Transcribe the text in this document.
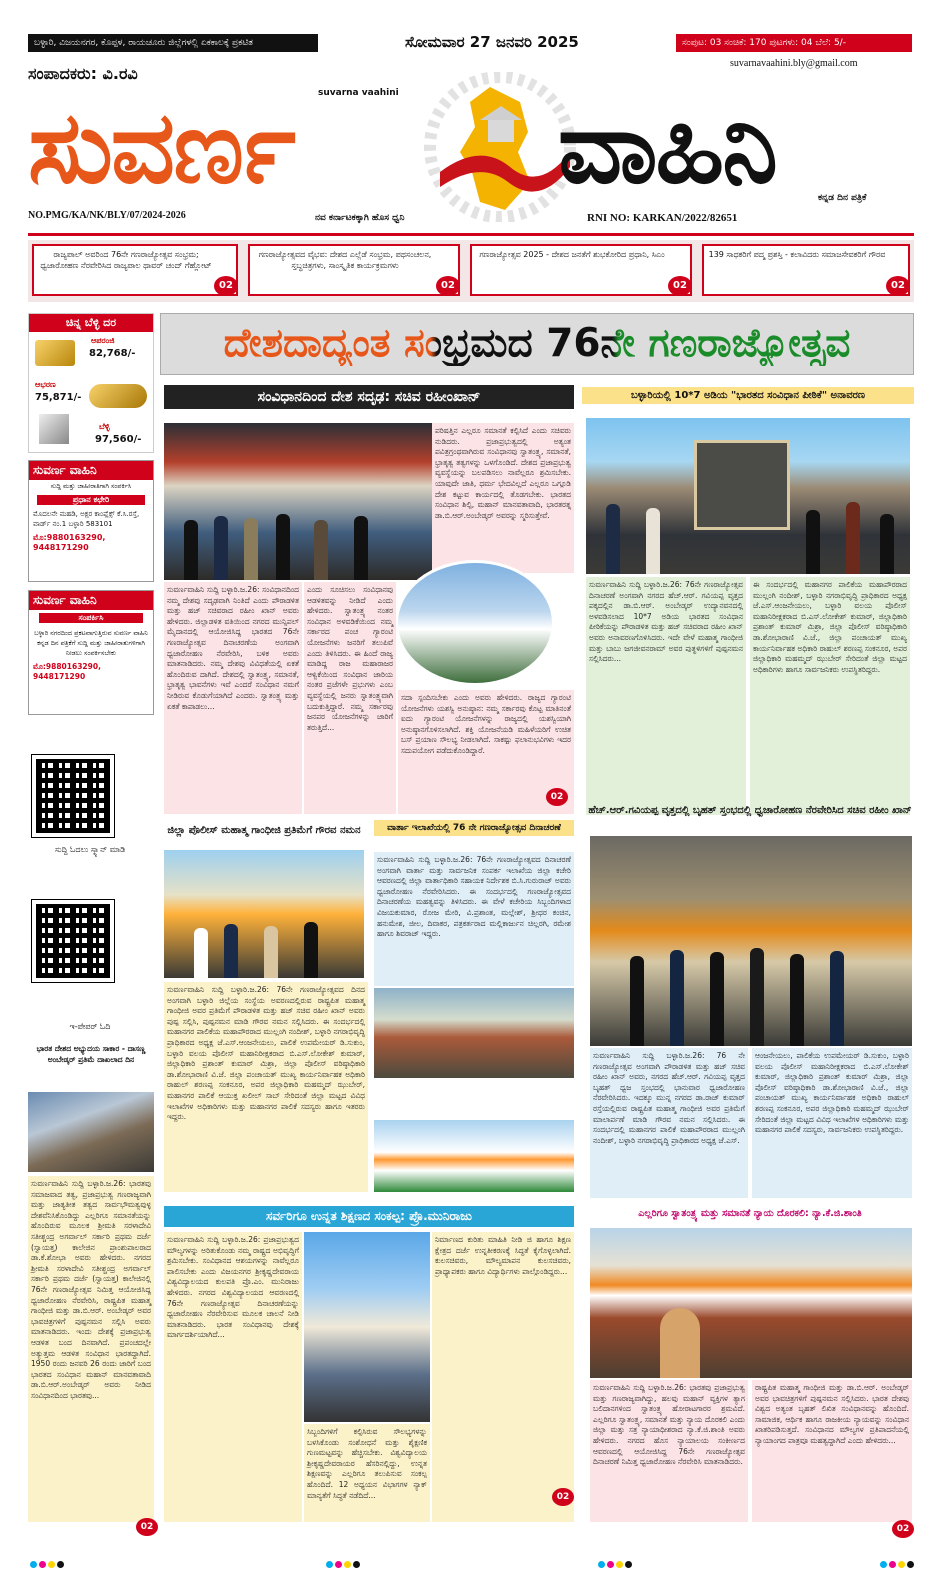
ಬಳ್ಳಾರಿ, ವಿಜಯನಗರ, ಕೊಪ್ಪಳ, ರಾಯಚೂರು ಜಿಲ್ಲೆಗಳಲ್ಲಿ ಏಕಕಾಲಕ್ಕೆ ಪ್ರಕಟಿತ	ಸೋಮವಾರ 27 ಜನವರಿ 2025	ಸಂಪುಟ: 03 ಸಂಚಿಕೆ: 170 ಪುಟಗಳು: 04 ಬೆಲೆ: 5/-
ಸಂಪಾದಕರು: ವಿ.ರವಿ
suvarnavaahini.bly@gmail.com
suvarna vaahini
ಸುವರ್ಣ	ವಾಹಿನಿ
NO.PMG/KA/NK/BLY/07/2024-2026	ನವ ಕರ್ನಾಟಕಕ್ಕಾಗಿ ಹೊಸ ಧ್ವನಿ	RNI NO: KARKAN/2022/82651
ಕನ್ನಡ ದಿನ ಪತ್ರಿಕೆ
ರಾಜ್ಯಪಾಲ್ ಅವರಿಂದ 76ನೇ ಗಣರಾಜ್ಯೋತ್ಸವ ಸಂಭ್ರಮ; ಧ್ವಜಾರೋಹಣ ನೆರವೇರಿಸಿದ ರಾಜ್ಯಪಾಲ ಥಾವರ್ ಚಂದ್ ಗೆಹ್ಲೋಟ್
02
ಗಣರಾಜ್ಯೋತ್ಸವದ ವೈಭವ: ದೇಶದ ಎಲ್ಲೆಡೆ ಸಂಭ್ರಮ, ಪಥಸಂಚಲನ, ಸ್ತಬ್ಧಚಿತ್ರಗಳು, ಸಾಂಸ್ಕೃತಿಕ ಕಾರ್ಯಕ್ರಮಗಳು
02
ಗಣರಾಜ್ಯೋತ್ಸವ 2025 - ದೇಶದ ಜನತೆಗೆ ಶುಭಕೋರಿದ ಪ್ರಧಾನಿ, ಸಿಎಂ
02
139 ಸಾಧಕರಿಗೆ ಪದ್ಮ ಪ್ರಶಸ್ತಿ - ಕಲಾವಿದರು ಸಮಾಜಸೇವಕರಿಗೆ ಗೌರವ
02
ಚಿನ್ನ ಬೆಳ್ಳಿ ದರ
ಆಪರಂಜಿ
82,768/-
ಆಭರಣ
75,871/-
ಬೆಳ್ಳಿ
97,560/-
ಸುವರ್ಣ ವಾಹಿನಿ
ಸುದ್ದಿ ಮತ್ತು ಜಾಹೀರಾತಿಗಾಗಿ ಸಂಪರ್ಕಿಸಿ
ಪ್ರಧಾನ ಕಛೇರಿ
ಮೊದಲನೇ ಮಹಡಿ, ಅಕ್ಷರ ಕಾಂಪ್ಲೆಕ್ಸ್ ಕೆ.ಸಿ.ರಸ್ತೆ, ವಾರ್ಡ್ ನಂ.1 ಬಳ್ಳಾರಿ 583101
ಮೊ:9880163290, 9448171290
ಸುವರ್ಣ ವಾಹಿನಿ
ಸಂಪರ್ಕಿಸಿ
ಬಳ್ಳಾರಿ ನಗರದಿಂದ ಪ್ರಕಟವಾಗುತ್ತಿರುವ ಸುವರ್ಣ ವಾಹಿನಿ ಕನ್ನಡ ದಿನ ಪತ್ರಿಕೆಗೆ ಸುದ್ದಿ ಮತ್ತು ಜಾಹೀರಾತುಗಳಿಗಾಗಿ ನೀಡಲು ಸಂಪರ್ಕಿಸಬೇಕು
ಮೊ:9880163290, 9448171290
ಸುದ್ದಿ ಓದಲು ಸ್ಕ್ಯಾನ್ ಮಾಡಿ
ಇ-ಪೇಪರ್ ಓದಿ
ಭಾರತ ದೇಶದ ಅಭ್ಯುದಯ ಸಾಕಾರ - ದಾಸಣ್ಣ ಅಂಬೇಡ್ಕರ್ ಪ್ರತಿಮೆ ದಾಖಲಾದ ದಿನ
ಸುವರ್ಣವಾಹಿನಿ ಸುದ್ದಿ ಬಳ್ಳಾರಿ.ಜ.26: ಭಾರತವು ಸಮಾಜವಾದ ತತ್ವ, ಪ್ರಜಾಪ್ರಭುತ್ವ ಗಣರಾಜ್ಯವಾಗಿ ಮತ್ತು ಜಾತ್ಯತೀತ ತತ್ವದ ಸಾರ್ವಭೌಮತ್ವವುಳ್ಳ ದೇಶವೆನಿಸಿಕೊಂಡಿದ್ದು ಎಲ್ಲರಿಗೂ ಸಮಾನತೆಯನ್ನು ಹೊಂದಿರುವ ಮೂಲಕ ಶ್ರೀಮತಿ ಸರಳಾದೇವಿ ಸತೀಶ್ಚಂದ್ರ ಅಗರ್ವಾಲ್ ಸರ್ಕಾರಿ ಪ್ರಥಮ ದರ್ಜೆ (ಸ್ವಾಯತ್ತ) ಕಾಲೇಜಿನ ಪ್ರಾಂಶುಪಾಲರಾದ ಡಾ.ಕೆ.ಶೋಭಾ ಅವರು ಹೇಳಿದರು. ನಗರದ ಶ್ರೀಮತಿ ಸರಳಾದೇವಿ ಸತೀಶ್ಚಂದ್ರ ಅಗರ್ವಾಲ್ ಸರ್ಕಾರಿ ಪ್ರಥಮ ದರ್ಜೆ (ಸ್ವಾಯತ್ತ) ಕಾಲೇಜಿನಲ್ಲಿ 76ನೇ ಗಣರಾಜ್ಯೋತ್ಸವ ನಿಮಿತ್ತ ಆಯೋಜಿಸಿದ್ದ ಧ್ವಜಾರೋಹಣ ನೆರವೇರಿಸಿ, ರಾಷ್ಟ್ರಪಿತ ಮಹಾತ್ಮ ಗಾಂಧೀಜಿ ಮತ್ತು ಡಾ.ಬಿ.ಆರ್. ಅಂಬೇಡ್ಕರ್ ಅವರ ಭಾವಚಿತ್ರಗಳಿಗೆ ಪುಷ್ಪನಮನ ಸಲ್ಲಿಸಿ ಅವರು ಮಾತನಾಡಿದರು. ಇಂದು ದೇಶಕ್ಕೆ ಪ್ರಜಾಪ್ರಭುತ್ವ ಆಡಳಿತ ಬಂದ ದಿನವಾಗಿದೆ. ಪ್ರಪಂಚದಲ್ಲೇ ಅತ್ಯುತ್ತಮ ಆಡಳಿತ ಸಂವಿಧಾನ ಭಾರತದ್ದಾಗಿದೆ. 1950 ರಂದು ಜನವರಿ 26 ರಂದು ಜಾರಿಗೆ ಬಂದ ಭಾರತದ ಸಂವಿಧಾನ ಮಹಾನ್ ಮಾನವತಾವಾದಿ ಡಾ.ಬಿ.ಆರ್.ಅಂಬೇಡ್ಕರ್ ಅವರು ನೀಡಿದ ಸಂವಿಧಾನದಿಂದ ಭಾರತವು...
02
ದೇಶದಾದ್ಯಂತ ಸಂಭ್ರಮದ 76ನೇ ಗಣರಾಜ್ಯೋತ್ಸವ
ಸಂವಿಧಾನದಿಂದ ದೇಶ ಸದೃಢ: ಸಚಿವ ರಹೀಂಖಾನ್
ಪರಿಷತ್ತಿನ ಎಲ್ಲರೂ ಸಮಾನತೆ ಕಲ್ಪಿಸಿದೆ ಎಂದು ಸಚಿವರು ನುಡಿದರು. ಪ್ರಜಾಪ್ರಭುತ್ವದಲ್ಲಿ ಅತ್ಯಂತ ಪವಿತ್ರಗ್ರಂಥವಾಗಿರುವ ಸಂವಿಧಾನವು ಸ್ವಾತಂತ್ರ್ಯ, ಸಮಾನತೆ, ಭ್ರಾತೃತ್ವ ತತ್ವಗಳನ್ನು ಒಳಗೊಂಡಿದೆ. ದೇಶದ ಪ್ರಜಾಪ್ರಭುತ್ವ ವ್ಯವಸ್ಥೆಯನ್ನು ಬಲಪಡಿಸಲು ನಾವೆಲ್ಲರೂ ಶ್ರಮಿಸಬೇಕು. ಯಾವುದೇ ಜಾತಿ, ಧರ್ಮ ಭೇದವಿಲ್ಲದೆ ಎಲ್ಲರೂ ಒಗ್ಗೂಡಿ ದೇಶ ಕಟ್ಟುವ ಕಾರ್ಯದಲ್ಲಿ ತೊಡಗಬೇಕು. ಭಾರತದ ಸಂವಿಧಾನ ಶಿಲ್ಪಿ, ಮಹಾನ್ ಮಾನವತಾವಾದಿ, ಭಾರತರತ್ನ ಡಾ.ಬಿ.ಆರ್.ಅಂಬೇಡ್ಕರ್ ಅವರನ್ನು ಸ್ಮರಿಸುತ್ತೇವೆ.
ಸುವರ್ಣವಾಹಿನಿ ಸುದ್ದಿ ಬಳ್ಳಾರಿ.ಜ.26: ಸಂವಿಧಾನದಿಂದ ನಮ್ಮ ದೇಶವು ಸದೃಢವಾಗಿ ನಿಂತಿದೆ ಎಂದು ಪೌರಾಡಳಿತ ಮತ್ತು ಹಜ್ ಸಚಿವರಾದ ರಹೀಂ ಖಾನ್ ಅವರು ಹೇಳಿದರು. ಜಿಲ್ಲಾಡಳಿತ ವತಿಯಿಂದ ನಗರದ ಮುನ್ಸಿಪಲ್ ಮೈದಾನದಲ್ಲಿ ಆಯೋಜಿಸಿದ್ದ ಭಾರತದ 76ನೇ ಗಣರಾಜ್ಯೋತ್ಸವ ದಿನಾಚರಣೆಯ ಅಂಗವಾಗಿ ಧ್ವಜಾರೋಹಣ ನೆರವೇರಿಸಿ, ಬಳಿಕ ಅವರು ಮಾತನಾಡಿದರು. ನಮ್ಮ ದೇಶವು ವಿವಿಧತೆಯಲ್ಲಿ ಏಕತೆ ಹೊಂದಿರುವ ದಾಗಿದೆ. ದೇಶದಲ್ಲಿ ಸ್ವಾತಂತ್ರ್ಯ, ಸಮಾನತೆ, ಭ್ರಾತೃತ್ವ ಭಾವನೆಗಳು ಇವೆ ಎಂದರೆ ಸಂವಿಧಾನ ನಮಗೆ ನೀಡಿರುವ ಕೊಡುಗೆಯಾಗಿದೆ ಎಂದರು. ಸ್ವಾತಂತ್ರ್ಯ ಮತ್ತು ಏಕತೆ ಕಾಪಾಡಲು...
ಎಂದು ಸೂಚಿಸಲು ಸಂವಿಧಾನವು ಆಡಳಿತವನ್ನು ನೀಡಿದೆ ಎಂದು ಹೇಳಿದರು. ಸ್ವಾತಂತ್ರ್ಯ ನಂತರ ಸಂವಿಧಾನ ಅಳವಡಿಕೆಯಿಂದ ನಮ್ಮ ಸರ್ಕಾರದ ಪಂಚ ಗ್ಯಾರಂಟಿ ಯೋಜನೆಗಳು ಜನರಿಗೆ ತಲುಪಿವೆ ಎಂದು ತಿಳಿಸಿದರು. ಈ ಹಿಂದೆ ರಾಜ್ಯ ಮಾಡಿದ್ದ ರಾಜ ಮಹಾರಾಜರ ಆಳ್ವಿಕೆಯಿಂದ ಸಂವಿಧಾನ ಜಾರಿಯ ನಂತರ ಪ್ರಜೆಗಳೇ ಪ್ರಭುಗಳು ಎಂಬ ವ್ಯವಸ್ಥೆಯಲ್ಲಿ ಜನರು ಸ್ವಾತಂತ್ರ್ಯವಾಗಿ ಬದುಕುತ್ತಿದ್ದಾರೆ. ನಮ್ಮ ಸರ್ಕಾರವು ಜನಪರ ಯೋಜನೆಗಳನ್ನು ಜಾರಿಗೆ ತರುತ್ತಿದೆ...
ಸದಾ ಸ್ಪಂದಿಸಬೇಕು ಎಂದು ಅವರು ಹೇಳಿದರು. ರಾಜ್ಯದ ಗ್ಯಾರಂಟಿ ಯೋಜನೆಗಳು ಯಶಸ್ವಿ ಅನುಷ್ಠಾನ: ನಮ್ಮ ಸರ್ಕಾರವು ಕೊಟ್ಟ ಮಾತಿನಂತೆ ಐದು ಗ್ಯಾರಂಟಿ ಯೋಜನೆಗಳನ್ನು ರಾಜ್ಯದಲ್ಲಿ ಯಶಸ್ವಿಯಾಗಿ ಅನುಷ್ಠಾನಗೊಳಿಸಲಾಗಿದೆ. ಶಕ್ತಿ ಯೋಜನೆಯಡಿ ಮಹಿಳೆಯರಿಗೆ ಉಚಿತ ಬಸ್ ಪ್ರಯಾಣ ಸೌಲಭ್ಯ ನೀಡಲಾಗಿದೆ. ಸಾಕಷ್ಟು ಫಲಾನುಭವಿಗಳು ಇದರ ಸದುಪಯೋಗ ಪಡೆದುಕೊಂಡಿದ್ದಾರೆ.
02
ಬಳ್ಳಾರಿಯಲ್ಲಿ 10*7 ಅಡಿಯ "ಭಾರತದ ಸಂವಿಧಾನ ಪೀಠಿಕೆ" ಅನಾವರಣ
ಸುವರ್ಣವಾಹಿನಿ ಸುದ್ದಿ ಬಳ್ಳಾರಿ.ಜ.26: 76ನೇ ಗಣರಾಜ್ಯೋತ್ಸವ ದಿನಾಚರಣೆ ಅಂಗವಾಗಿ ನಗರದ ಹೆಚ್.ಆರ್. ಗವಿಯಪ್ಪ ವೃತ್ತದ ಪಕ್ಕದಲ್ಲಿನ ಡಾ.ಬಿ.ಆರ್. ಅಂಬೇಡ್ಕರ್ ಉದ್ಯಾನವನದಲ್ಲಿ ಅಳವಡಿಸಲಾದ 10*7 ಅಡಿಯ ಭಾರತದ ಸಂವಿಧಾನ ಪೀಠಿಕೆಯನ್ನು ಪೌರಾಡಳಿತ ಮತ್ತು ಹಜ್ ಸಚಿವರಾದ ರಹೀಂ ಖಾನ್ ಅವರು ಅನಾವರಣಗೊಳಿಸಿದರು. ಇದೇ ವೇಳೆ ಮಹಾತ್ಮ ಗಾಂಧೀಜಿ ಮತ್ತು ಬಾಬು ಜಗಜೀವನರಾಮ್ ಅವರ ಪುತ್ಥಳಿಗಳಿಗೆ ಪುಷ್ಪನಮನ ಸಲ್ಲಿಸಿದರು...
ಈ ಸಂದರ್ಭದಲ್ಲಿ ಮಹಾನಗರ ಪಾಲಿಕೆಯ ಮಹಾಪೌರರಾದ ಮುಲ್ಲಂಗಿ ನಂದೀಶ್, ಬಳ್ಳಾರಿ ನಗರಾಭಿವೃದ್ಧಿ ಪ್ರಾಧಿಕಾರದ ಅಧ್ಯಕ್ಷ ಜೆ.ಎಸ್.ಆಂಜನೇಯಲು, ಬಳ್ಳಾರಿ ವಲಯ ಪೊಲೀಸ್ ಮಹಾನಿರೀಕ್ಷಕರಾದ ಬಿ.ಎಸ್.ಲೋಕೇಶ್ ಕುಮಾರ್, ಜಿಲ್ಲಾಧಿಕಾರಿ ಪ್ರಶಾಂತ್ ಕುಮಾರ್ ಮಿಶ್ರಾ, ಜಿಲ್ಲಾ ಪೊಲೀಸ್ ವರಿಷ್ಠಾಧಿಕಾರಿ ಡಾ.ಶೋಭಾರಾಣಿ ವಿ.ಜೆ., ಜಿಲ್ಲಾ ಪಂಚಾಯತ್ ಮುಖ್ಯ ಕಾರ್ಯನಿರ್ವಾಹಕ ಅಧಿಕಾರಿ ರಾಹುಲ್ ಶರಣಪ್ಪ ಸಂಕನೂರ, ಅಪರ ಜಿಲ್ಲಾಧಿಕಾರಿ ಮಹಮ್ಮದ್ ಝುಬೇರ್ ಸೇರಿದಂತೆ ಜಿಲ್ಲಾ ಮಟ್ಟದ ಅಧಿಕಾರಿಗಳು ಹಾಗೂ ಸಾರ್ವಜನಿಕರು ಉಪಸ್ಥಿತರಿದ್ದರು.
ಜಿಲ್ಲಾ ಪೊಲೀಸ್ ಮಹಾತ್ಮ ಗಾಂಧೀಜಿ ಪ್ರತಿಮೆಗೆ ಗೌರವ ನಮನ
ಸುವರ್ಣವಾಹಿನಿ ಸುದ್ದಿ ಬಳ್ಳಾರಿ.ಜ.26: 76ನೇ ಗಣರಾಜ್ಯೋತ್ಸವದ ದಿನದ ಅಂಗವಾಗಿ ಬಳ್ಳಾರಿ ಜಿಲ್ಲೆಯ ಸಂಸ್ಥೆಯ ಅವರಣದಲ್ಲಿರುವ ರಾಷ್ಟ್ರಪಿತ ಮಹಾತ್ಮ ಗಾಂಧೀಜಿ ಅವರ ಪ್ರತಿಮೆಗೆ ಪೌರಾಡಳಿತ ಮತ್ತು ಹಜ್ ಸಚಿವ ರಹೀಂ ಖಾನ್ ಅವರು ಪುಷ್ಪ ಸಲ್ಲಿಸಿ, ಪುಷ್ಪನಮನ ಮಾಡಿ ಗೌರವ ನಮನ ಸಲ್ಲಿಸಿದರು. ಈ ಸಂದರ್ಭದಲ್ಲಿ ಮಹಾನಗರ ಪಾಲಿಕೆಯ ಮಹಾಪೌರರಾದ ಮುಲ್ಲಂಗಿ ನಂದೀಶ್, ಬಳ್ಳಾರಿ ನಗರಾಭಿವೃದ್ಧಿ ಪ್ರಾಧಿಕಾರದ ಅಧ್ಯಕ್ಷ ಜೆ.ಎಸ್.ಆಂಜನೇಯಲು, ಪಾಲಿಕೆ ಉಪಮೇಯರ್ ಡಿ.ಸುಕುಂ, ಬಳ್ಳಾರಿ ವಲಯ ಪೊಲೀಸ್ ಮಹಾನಿರೀಕ್ಷಕರಾದ ಬಿ.ಎಸ್.ಲೋಕೇಶ್ ಕುಮಾರ್, ಜಿಲ್ಲಾಧಿಕಾರಿ ಪ್ರಶಾಂತ್ ಕುಮಾರ್ ಮಿಶ್ರಾ, ಜಿಲ್ಲಾ ಪೊಲೀಸ್ ವರಿಷ್ಠಾಧಿಕಾರಿ ಡಾ.ಶೋಭಾರಾಣಿ ವಿ.ಜೆ. ಜಿಲ್ಲಾ ಪಂಚಾಯತ್ ಮುಖ್ಯ ಕಾರ್ಯನಿರ್ವಾಹಕ ಅಧಿಕಾರಿ ರಾಹುಲ್ ಶರಣಪ್ಪ ಸಂಕನೂರ, ಅಪರ ಜಿಲ್ಲಾಧಿಕಾರಿ ಮಹಮ್ಮದ್ ಝುಬೇರ್, ಮಹಾನಗರ ಪಾಲಿಕೆ ಆಯುಕ್ತ ಖಲೀಲ್ ಸಾಬ್ ಸೇರಿದಂತೆ ಜಿಲ್ಲಾ ಮಟ್ಟದ ವಿವಿಧ ಇಲಾಖೆಗಳ ಅಧಿಕಾರಿಗಳು ಮತ್ತು ಮಹಾನಗರ ಪಾಲಿಕೆ ಸದಸ್ಯರು ಹಾಗೂ ಇತರರು ಇದ್ದರು.
ವಾರ್ತಾ ಇಲಾಖೆಯಲ್ಲಿ 76 ನೇ ಗಣರಾಜ್ಯೋತ್ಸವ ದಿನಾಚರಣೆ
ಸುವರ್ಣವಾಹಿನಿ ಸುದ್ದಿ ಬಳ್ಳಾರಿ.ಜ.26: 76ನೇ ಗಣರಾಜ್ಯೋತ್ಸವದ ದಿನಾಚರಣೆ ಅಂಗವಾಗಿ ವಾರ್ತಾ ಮತ್ತು ಸಾರ್ವಜನಿಕ ಸಂಪರ್ಕ ಇಲಾಖೆಯ ಜಿಲ್ಲಾ ಕಚೇರಿ ಆವರಣದಲ್ಲಿ ಜಿಲ್ಲಾ ವಾರ್ತಾಧಿಕಾರಿ ಸಹಾಯಕ ನಿರ್ದೇಶಕ ಬಿ.ಸಿ.ಗುರುರಾಜ್ ಅವರು ಧ್ವಜಾರೋಹಣ ನೆರವೇರಿಸಿದರು. ಈ ಸಂದರ್ಭದಲ್ಲಿ ಗಣರಾಜ್ಯೋತ್ಸವದ ದಿನಾಚರಣೆಯ ಮಹತ್ವವನ್ನು ತಿಳಿಸಿದರು. ಈ ವೇಳೆ ಕಚೇರಿಯ ಸಿಬ್ಬಂದಿಗಳಾದ ವಿಜಯಕುಮಾರ, ರೋಜ ಮೇರಿ, ವಿ.ಪ್ರಶಾಂತ, ಮಲ್ಲೇಶ್, ಶ್ರೀಧರ ಕಂಚಿನ, ಹನುಮೇಶ, ಜೀಲ, ದಿವಾಕರ, ಪತ್ರಕರ್ತರಾದ ಮಲ್ಲಿಕಾರ್ಜುನ ಚಿಲ್ಲರಗಿ, ರಮೇಶ ಹಾಗೂ ಶಿವರಾಜ್ ಇದ್ದರು.
ಹೆಚ್.ಆರ್.ಗವಿಯಪ್ಪ ವೃತ್ತದಲ್ಲಿ ಬೃಹತ್ ಸ್ತಂಭದಲ್ಲಿ ಧ್ವಜಾರೋಹಣ ನೆರವೇರಿಸಿದ ಸಚಿವ ರಹೀಂ ಖಾನ್
ಸುವರ್ಣವಾಹಿನಿ ಸುದ್ದಿ ಬಳ್ಳಾರಿ.ಜ.26: 76 ನೇ ಗಣರಾಜ್ಯೋತ್ಸವ ಅಂಗವಾಗಿ ಪೌರಾಡಳಿತ ಮತ್ತು ಹಜ್ ಸಚಿವ ರಹೀಂ ಖಾನ್ ಅವರು, ನಗರದ ಹೆಚ್.ಆರ್. ಗವಿಯಪ್ಪ ವೃತ್ತದ ಬೃಹತ್ ಧ್ವಜ ಸ್ತಂಭದಲ್ಲಿ ಭಾನುವಾರ ಧ್ವಜಾರೋಹಣ ನೆರವೇರಿಸಿದರು. ಇದಕ್ಕೂ ಮುನ್ನ ನಗರದ ಡಾ.ರಾಜ್ ಕುಮಾರ್ ರಸ್ತೆಯಲ್ಲಿರುವ ರಾಷ್ಟ್ರಪಿತ ಮಹಾತ್ಮ ಗಾಂಧೀಜಿ ಅವರ ಪ್ರತಿಮೆಗೆ ಮಾಲಾರ್ಪಣೆ ಮಾಡಿ ಗೌರವ ನಮನ ಸಲ್ಲಿಸಿದರು. ಈ ಸಂದರ್ಭದಲ್ಲಿ ಮಹಾನಗರ ಪಾಲಿಕೆ ಮಹಾಪೌರರಾದ ಮುಲ್ಲಂಗಿ ನಂದೀಶ್, ಬಳ್ಳಾರಿ ನಗರಾಭಿವೃದ್ಧಿ ಪ್ರಾಧಿಕಾರದ ಅಧ್ಯಕ್ಷ ಜೆ.ಎಸ್.
ಆಂಜನೇಯಲು, ಪಾಲಿಕೆಯ ಉಪಮೇಯರ್ ಡಿ.ಸುಕುಂ, ಬಳ್ಳಾರಿ ವಲಯ ಪೊಲೀಸ್ ಮಹಾನಿರೀಕ್ಷಕರಾದ ಬಿ.ಎಸ್.ಲೋಕೇಶ್ ಕುಮಾರ್, ಜಿಲ್ಲಾಧಿಕಾರಿ ಪ್ರಶಾಂತ್ ಕುಮಾರ್ ಮಿಶ್ರಾ, ಜಿಲ್ಲಾ ಪೊಲೀಸ್ ವರಿಷ್ಠಾಧಿಕಾರಿ ಡಾ.ಶೋಭಾರಾಣಿ ವಿ.ಜೆ., ಜಿಲ್ಲಾ ಪಂಚಾಯತ್ ಮುಖ್ಯ ಕಾರ್ಯನಿರ್ವಾಹಕ ಅಧಿಕಾರಿ ರಾಹುಲ್ ಶರಣಪ್ಪ ಸಂಕನೂರ, ಅಪರ ಜಿಲ್ಲಾಧಿಕಾರಿ ಮಹಮ್ಮದ್ ಝುಬೇರ್ ಸೇರಿದಂತೆ ಜಿಲ್ಲಾ ಮಟ್ಟದ ವಿವಿಧ ಇಲಾಖೆಗಳ ಅಧಿಕಾರಿಗಳು ಮತ್ತು ಮಹಾನಗರ ಪಾಲಿಕೆ ಸದಸ್ಯರು, ಸಾರ್ವಜನಿಕರು ಉಪಸ್ಥಿತರಿದ್ದರು.
ಸರ್ವರಿಗೂ ಉನ್ನತ ಶಿಕ್ಷಣದ ಸಂಕಲ್ಪ: ಪ್ರೊ.ಮುನಿರಾಜು
ಸುವರ್ಣವಾಹಿನಿ ಸುದ್ದಿ ಬಳ್ಳಾರಿ.ಜ.26: ಪ್ರಜಾಪ್ರಭುತ್ವದ ಮೌಲ್ಯಗಳನ್ನು ಅರಿತುಕೊಂಡು ನಮ್ಮ ರಾಷ್ಟ್ರದ ಅಭಿವೃದ್ಧಿಗೆ ಶ್ರಮಿಸಬೇಕು. ಸಂವಿಧಾನದ ಆಶಯಗಳನ್ನು ನಾವೆಲ್ಲರೂ ಪಾಲಿಸಬೇಕು ಎಂದು ವಿಜಯನಗರ ಶ್ರೀಕೃಷ್ಣದೇವರಾಯ ವಿಶ್ವವಿದ್ಯಾಲಯದ ಕುಲಪತಿ ಪ್ರೊ.ಎಂ. ಮುನಿರಾಜು ಹೇಳಿದರು. ನಗರದ ವಿಶ್ವವಿದ್ಯಾಲಯದ ಆವರಣದಲ್ಲಿ 76ನೇ ಗಣರಾಜ್ಯೋತ್ಸವ ದಿನಾಚರಣೆಯನ್ನು ಧ್ವಜಾರೋಹಣ ನೆರವೇರಿಸುವ ಮೂಲಕ ಚಾಲನೆ ನೀಡಿ ಮಾತನಾಡಿದರು. ಭಾರತ ಸಂವಿಧಾನವು ದೇಶಕ್ಕೆ ಮಾರ್ಗದರ್ಶಿಯಾಗಿದೆ...
ಸಿಬ್ಬಂದಿಗಳಿಗೆ ಕಲ್ಪಿಸಿರುವ ಸೌಲಭ್ಯಗಳನ್ನು ಬಳಸಿಕೊಂಡು ಸಂಶೋಧನೆ ಮತ್ತು ಶೈಕ್ಷಣಿಕ ಗುಣಮಟ್ಟವನ್ನು ಹೆಚ್ಚಿಸಬೇಕು. ವಿಶ್ವವಿದ್ಯಾಲಯ ಶ್ರೀಕೃಷ್ಣದೇವರಾಯರ ಹೆಸರಿನಲ್ಲಿದ್ದು, ಉನ್ನತ ಶಿಕ್ಷಣವನ್ನು ಎಲ್ಲರಿಗೂ ತಲುಪಿಸುವ ಸಂಕಲ್ಪ ಹೊಂದಿದೆ. 12 ಅಧ್ಯಯನ ವಿಭಾಗಗಳ ನ್ಯಾಕ್ ಮಾನ್ಯತೆಗೆ ಸಿದ್ಧತೆ ನಡೆದಿದೆ...
ನಿರ್ಮಾಣದ ಕುರಿತು ಮಾಹಿತಿ ನೀಡಿ ಜಿ ಹಾಗೂ ಶಿಕ್ಷಣ ಕ್ಷೇತ್ರದ ದರ್ಜೆ ಉನ್ನತೀಕರಣಕ್ಕೆ ಸಿದ್ಧತೆ ಕೈಗೊಳ್ಳಲಾಗಿದೆ. ಕುಲಸಚಿವರು, ಮೌಲ್ಯಮಾಪನ ಕುಲಸಚಿವರು, ಪ್ರಾಧ್ಯಾಪಕರು ಹಾಗೂ ವಿದ್ಯಾರ್ಥಿಗಳು ಪಾಲ್ಗೊಂಡಿದ್ದರು...
02
ಎಲ್ಲರಿಗೂ ಸ್ವಾತಂತ್ರ್ಯ ಮತ್ತು ಸಮಾನತೆ ನ್ಯಾಯ ದೊರಕಲಿ: ನ್ಯಾ.ಕೆ.ಜಿ.ಶಾಂತಿ
ಸುವರ್ಣವಾಹಿನಿ ಸುದ್ದಿ ಬಳ್ಳಾರಿ.ಜ.26: ಭಾರತವು ಪ್ರಜಾಪ್ರಭುತ್ವ ಮತ್ತು ಗಣರಾಜ್ಯವಾಗಿದ್ದು, ಹಲವು ಮಹಾನ್ ವ್ಯಕ್ತಿಗಳ ತ್ಯಾಗ ಬಲಿದಾನಗಳಿಂದ ಸ್ವಾತಂತ್ರ್ಯ ಹೋರಾಟಗಾರರ ಶ್ರಮವಿದೆ. ಎಲ್ಲರಿಗೂ ಸ್ವಾತಂತ್ರ್ಯ, ಸಮಾನತೆ ಮತ್ತು ನ್ಯಾಯ ದೊರಕಲಿ ಎಂದು ಜಿಲ್ಲಾ ಮತ್ತು ಸತ್ರ ನ್ಯಾಯಾಧೀಶರಾದ ನ್ಯಾ.ಕೆ.ಜಿ.ಶಾಂತಿ ಅವರು ಹೇಳಿದರು. ನಗರದ ಹೊಸ ನ್ಯಾಯಾಲಯ ಸಂಕೀರ್ಣದ ಆವರಣದಲ್ಲಿ ಆಯೋಜಿಸಿದ್ದ 76ನೇ ಗಣರಾಜ್ಯೋತ್ಸವ ದಿನಾಚರಣೆ ನಿಮಿತ್ತ ಧ್ವಜಾರೋಹಣ ನೆರವೇರಿಸಿ ಮಾತನಾಡಿದರು.
ರಾಷ್ಟ್ರಪಿತ ಮಹಾತ್ಮ ಗಾಂಧೀಜಿ ಮತ್ತು ಡಾ.ಬಿ.ಆರ್. ಅಂಬೇಡ್ಕರ್ ಅವರ ಭಾವಚಿತ್ರಗಳಿಗೆ ಪುಷ್ಪನಮನ ಸಲ್ಲಿಸಿದರು. ಭಾರತ ದೇಶವು ವಿಶ್ವದ ಅತ್ಯಂತ ಬೃಹತ್ ಲಿಖಿತ ಸಂವಿಧಾನವನ್ನು ಹೊಂದಿದೆ. ಸಾಮಾಜಿಕ, ಆರ್ಥಿಕ ಹಾಗೂ ರಾಜಕೀಯ ನ್ಯಾಯವನ್ನು ಸಂವಿಧಾನ ಖಾತರಿಪಡಿಸುತ್ತದೆ. ಸಂವಿಧಾನದ ಮೌಲ್ಯಗಳ ಪ್ರತಿಪಾದನೆಯಲ್ಲಿ ನ್ಯಾಯಾಂಗದ ಪಾತ್ರವೂ ಮಹತ್ವದ್ದಾಗಿದೆ ಎಂದು ಹೇಳಿದರು...
02
